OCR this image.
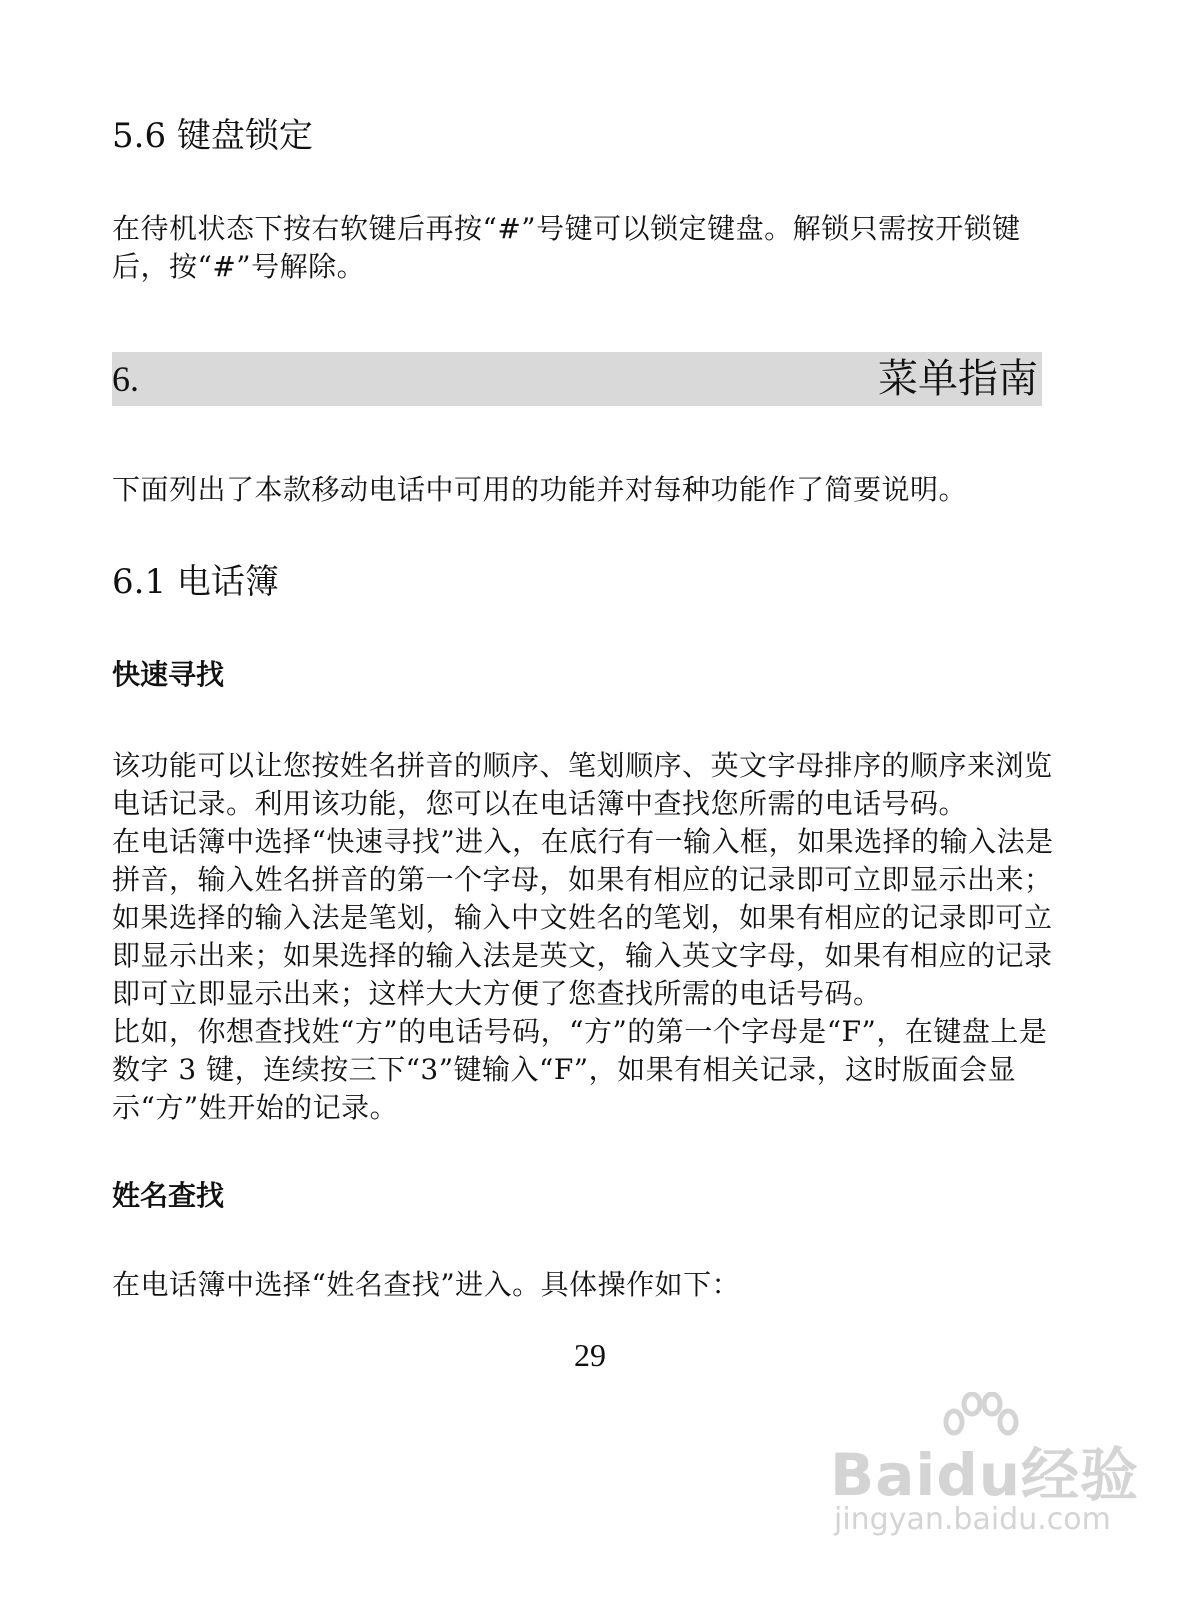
5.6 键盘锁定
在待机状态下按右软键后再按“#”号键可以锁定键盘。解锁只需按开锁键后，按“#”号解除。
6.	菜单指南
下面列出了本款移动电话中可用的功能并对每种功能作了简要说明。
6.1 电话簿
快速寻找
该功能可以让您按姓名拼音的顺序、笔划顺序、英文字母排序的顺序来浏览电话记录。利用该功能，您可以在电话簿中查找您所需的电话号码。
在电话簿中选择“快速寻找”进入，在底行有一输入框，如果选择的输入法是拼音，输入姓名拼音的第一个字母，如果有相应的记录即可立即显示出来；如果选择的输入法是笔划，输入中文姓名的笔划，如果有相应的记录即可立即显示出来；如果选择的输入法是英文，输入英文字母，如果有相应的记录即可立即显示出来；这样大大方便了您查找所需的电话号码。
比如，你想查找姓“方”的电话号码，“方”的第一个字母是“F”，在键盘上是数字 3 键，连续按三下“3”键输入“F”，如果有相关记录，这时版面会显示“方”姓开始的记录。
姓名查找
在电话簿中选择“姓名查找”进入。具体操作如下：
29
Baidu经验
jingyan.baidu.com
